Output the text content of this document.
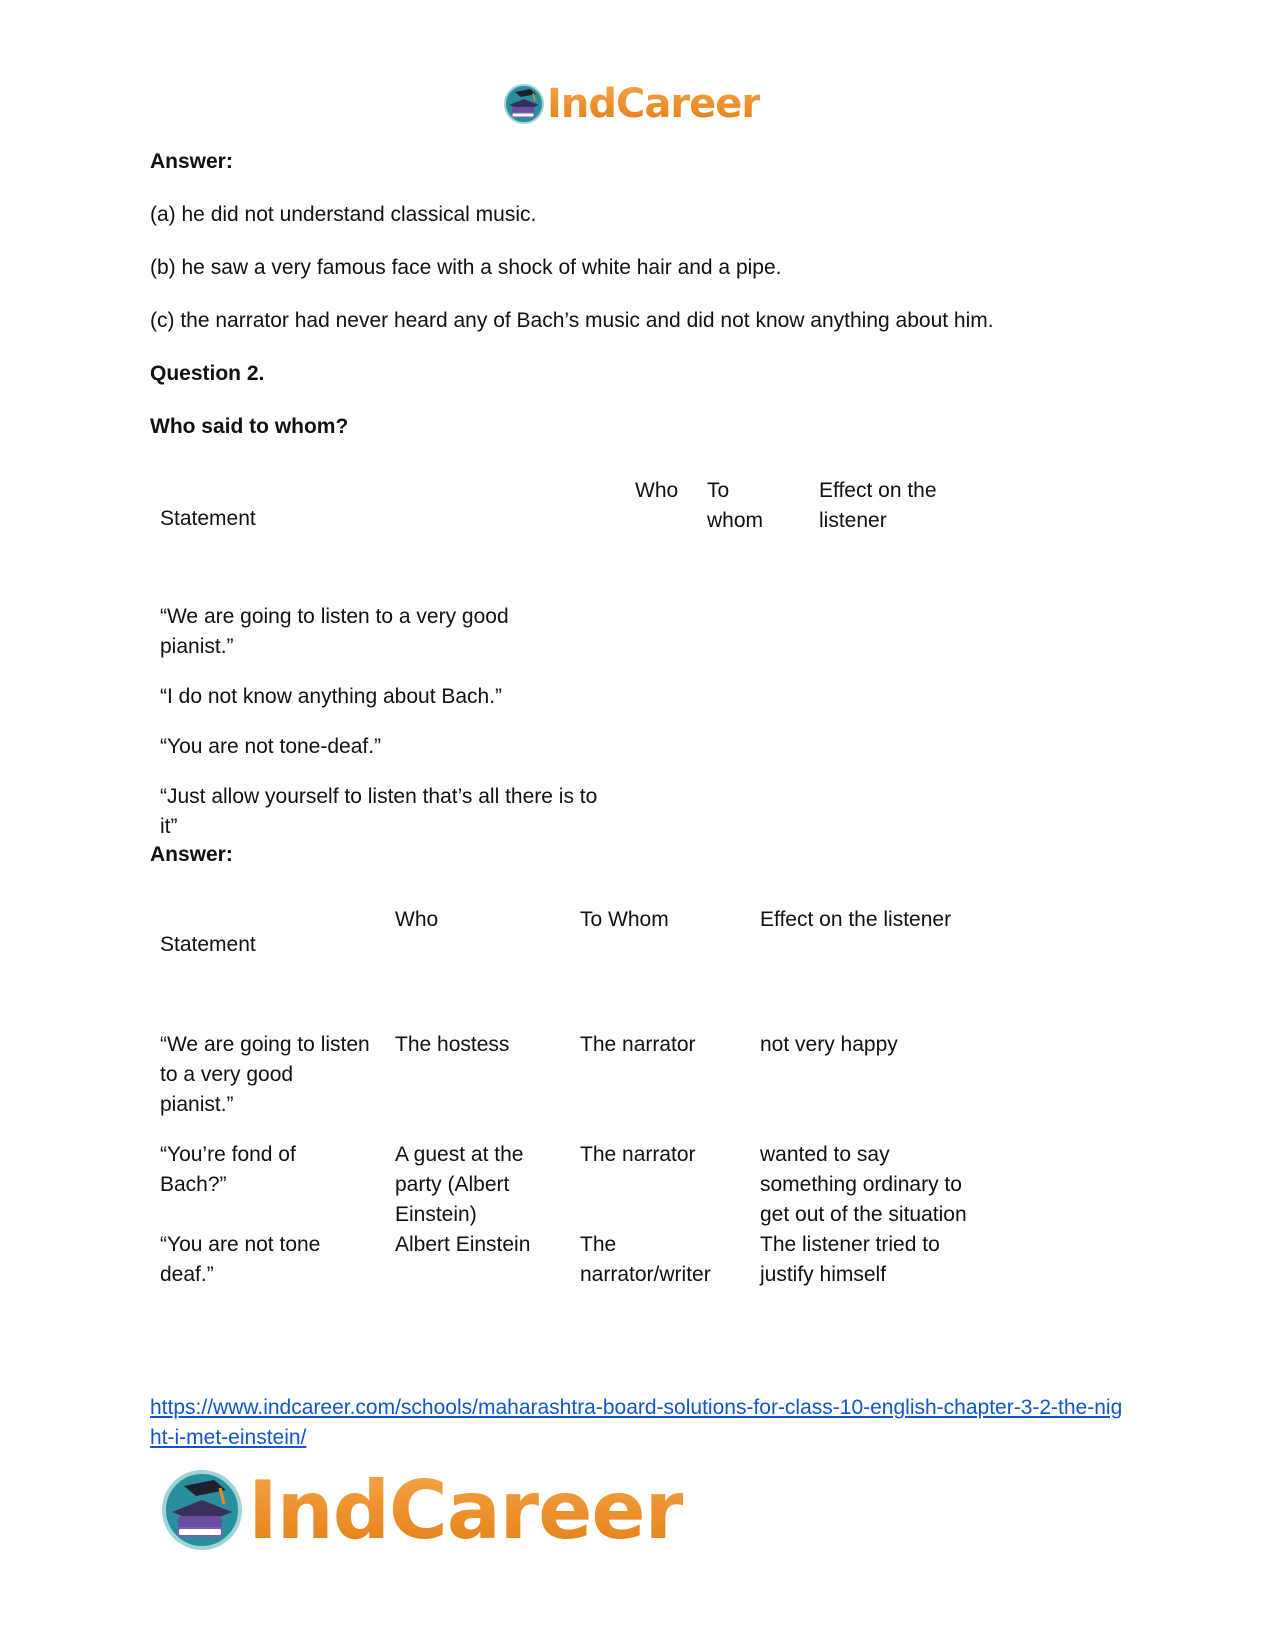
IndCareer
Answer:
(a) he did not understand classical music.
(b) he saw a very famous face with a shock of white hair and a pipe.
(c) the narrator had never heard any of Bach’s music and did not know anything about him.
Question 2.
Who said to whom?
Statement	Who	To whom	Effect on the listener

“We are going to listen to a very good pianist.”			

“I do not know anything about Bach.”			
“You are not tone-deaf.”			

“Just allow yourself to listen that’s all there is to it”			

Answer:
Statement	Who	To Whom	Effect on the listener

“We are going to listen to a very good pianist.”	The hostess	The narrator	not very happy

“You’re fond of Bach?”	A guest at the party (Albert Einstein)	The narrator	wanted to say something ordinary to get out of the situation

“You are not tone deaf.”	Albert Einstein	The narrator/writer	The listener tried to justify himself
https://www.indcareer.com/schools/maharashtra-board-solutions-for-class-10-english-chapter-3-2-the-night-i-met-einstein/
IndCareer
